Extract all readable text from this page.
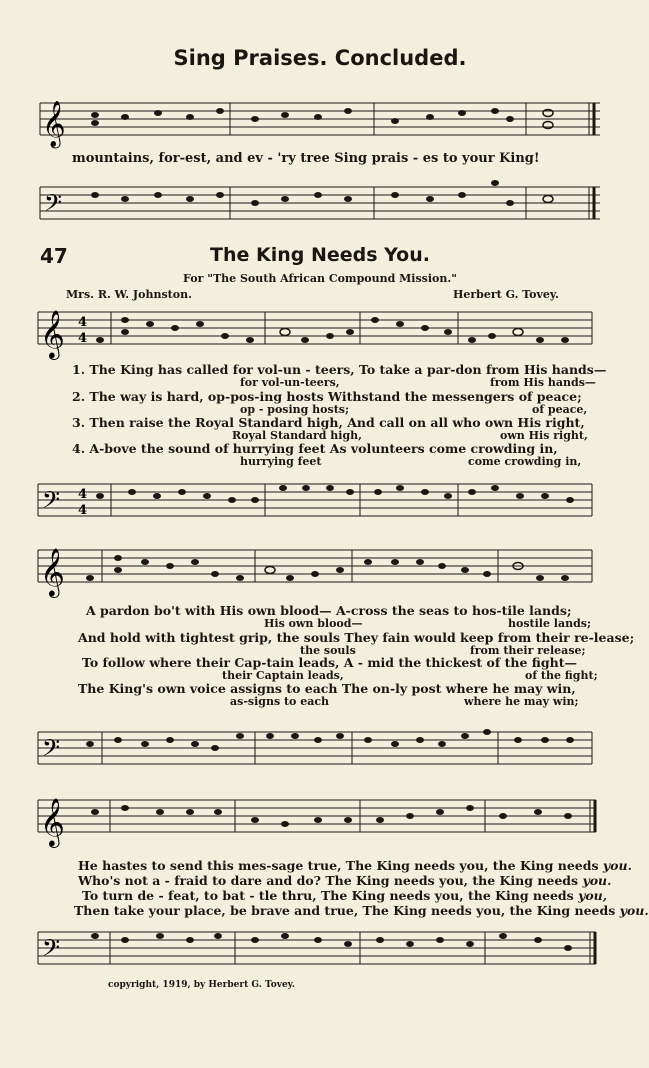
Sing Praises. Concluded.
𝄞
mountains, for-est, and ev - 'ry tree Sing prais - es to your King!
𝄢
47	The King Needs You.
For "The South African Compound Mission."
Mrs. R. W. Johnston.	Herbert G. Tovey.
𝄞 4
4
1. The King has called for vol-un - teers, To take a par-don from His hands—
for vol-un-teers,	from His hands—
2. The way is hard, op-pos-ing hosts Withstand the messengers of peace;
op - posing hosts;	of peace,
3. Then raise the Royal Standard high, And call on all who own His right,
Royal Standard high,	own His right,
4. A-bove the sound of hurrying feet As volunteers come crowding in,
hurrying feet	come crowding in,
𝄢 4
4
𝄞
A pardon bo't with His own blood— A-cross the seas to hos-tile lands;
His own blood—	hostile lands;
And hold with tightest grip, the souls They fain would keep from their re-lease;
the souls	from their release;
To follow where their Cap-tain leads, A - mid the thickest of the fight—
their Captain leads,	of the fight;
The King's own voice assigns to each The on-ly post where he may win,
as-signs to each	where he may win;
𝄢
𝄞
He hastes to send this mes-sage true, The King needs you, the King needs you.
Who's not a - fraid to dare and do? The King needs you, the King needs you.
To turn de - feat, to bat - tle thru, The King needs you, the King needs you,
Then take your place, be brave and true, The King needs you, the King needs you.
𝄢
copyright, 1919, by Herbert G. Tovey.
